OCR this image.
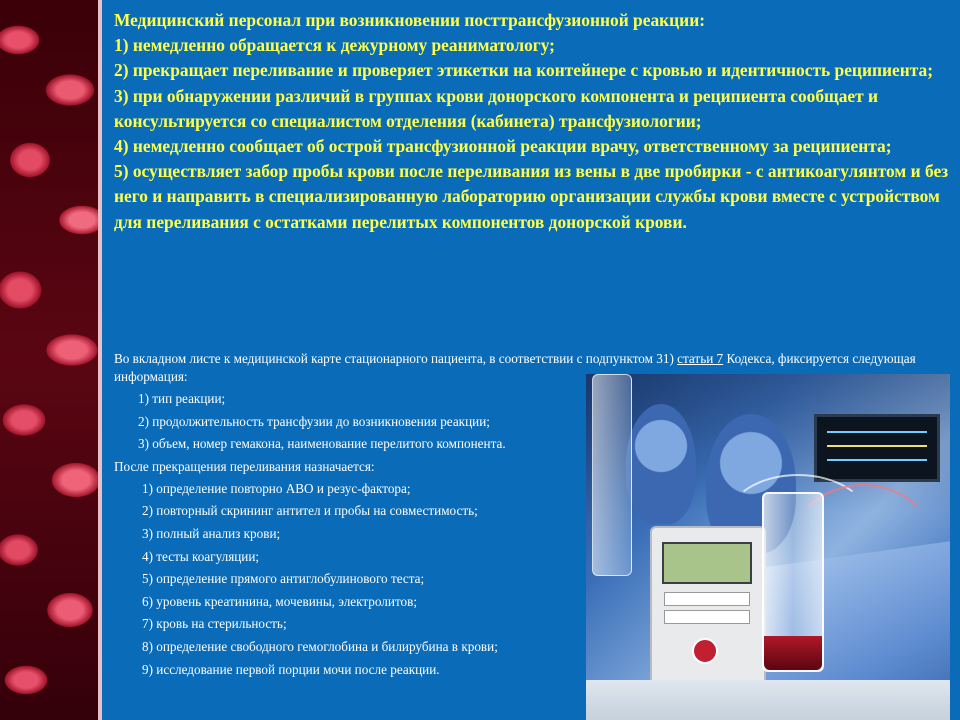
Медицинский персонал при возникновении посттрансфузионной реакции:
1) немедленно обращается к дежурному реаниматологу;
2) прекращает переливание и проверяет этикетки на контейнере с кровью и идентичность реципиента;
3) при обнаружении различий в группах крови донорского компонента и реципиента сообщает и консультируется со специалистом отделения (кабинета) трансфузиологии;
4) немедленно сообщает об острой трансфузионной реакции врачу, ответственному за реципиента;
5) осуществляет забор пробы крови после переливания из вены в две пробирки - с антикоагулянтом и без него и направить в специализированную лабораторию организации службы крови вместе с устройством для переливания с остатками перелитых компонентов донорской крови.
Во вкладном листе к медицинской карте стационарного пациента, в соответствии с подпунктом 31) статьи 7 Кодекса, фиксируется следующая информация:
1) тип реакции;
2) продолжительность трансфузии до возникновения реакции;
3) объем, номер гемакона, наименование перелитого компонента.
После прекращения переливания назначается:
1) определение повторно АВО и резус-фактора;
2) повторный скрининг антител и пробы на совместимость;
3) полный анализ крови;
4) тесты коагуляции;
5) определение прямого антиглобулинового теста;
6) уровень креатинина, мочевины, электролитов;
7) кровь на стерильность;
8) определение свободного гемоглобина и билирубина в крови;
9) исследование первой порции мочи после реакции.
